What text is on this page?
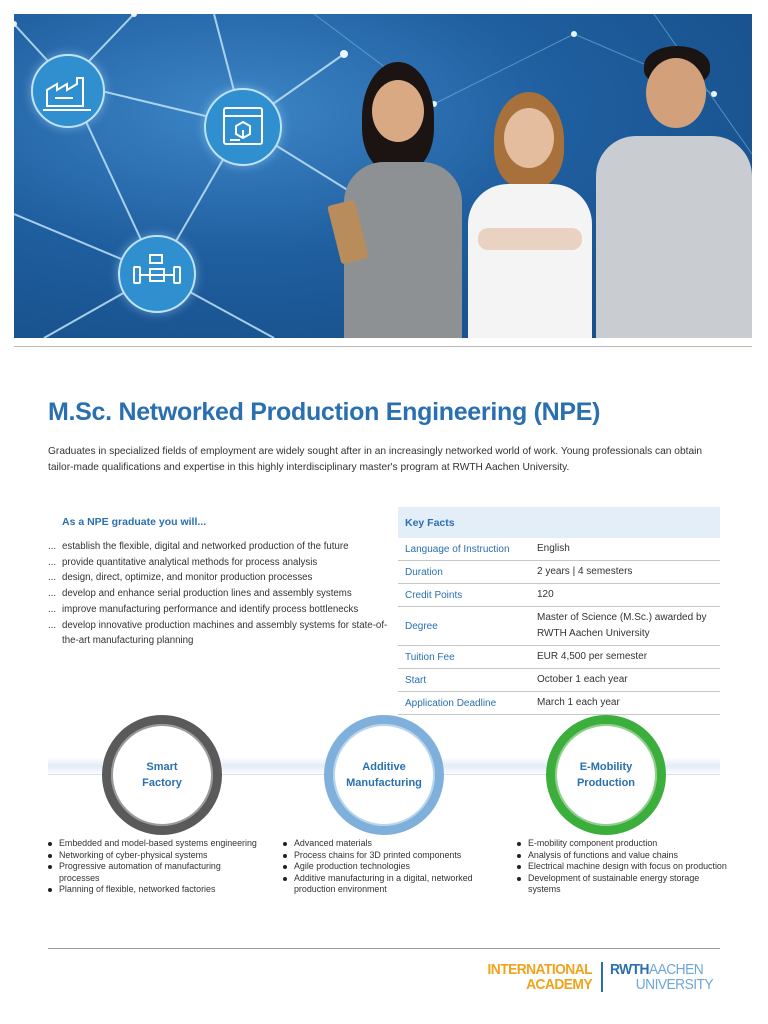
M.Sc. Networked Production Engineering (NPE)

Graduates in specialized fields of employment are widely sought after in an increasingly networked world of work. Young professionals can obtain tailor-made qualifications and expertise in this highly interdisciplinary master's program at RWTH Aachen University.

As a NPE graduate you will...
... establish the flexible, digital and networked production of the future
... provide quantitative analytical methods for process analysis
... design, direct, optimize, and monitor production processes
... develop and enhance serial production lines and assembly systems
... improve manufacturing performance and identify process bottlenecks
... develop innovative production machines and assembly systems for state-of-the-art manufacturing planning
Key Facts	
Language of Instruction	English
Duration	2 years | 4 semesters
Credit Points	120
Degree	Master of Science (M.Sc.) awarded by RWTH Aachen University
Tuition Fee	EUR 4,500 per semester
Start	October 1 each year
Application Deadline	March 1 each year
Smart
Factory
Additive
Manufacturing
E-Mobility
Production
Embedded and model-based systems engineering
Networking of cyber-physical systems
Progressive automation of manufacturing processes
Planning of flexible, networked factories
Advanced materials
Process chains for 3D printed components
Agile production technologies
Additive manufacturing in a digital, networked production environment
E-mobility component production
Analysis of functions and value chains
Electrical machine design with focus on production
Development of sustainable energy storage systems
INTERNATIONAL
ACADEMY
RWTHAACHEN
UNIVERSITY
